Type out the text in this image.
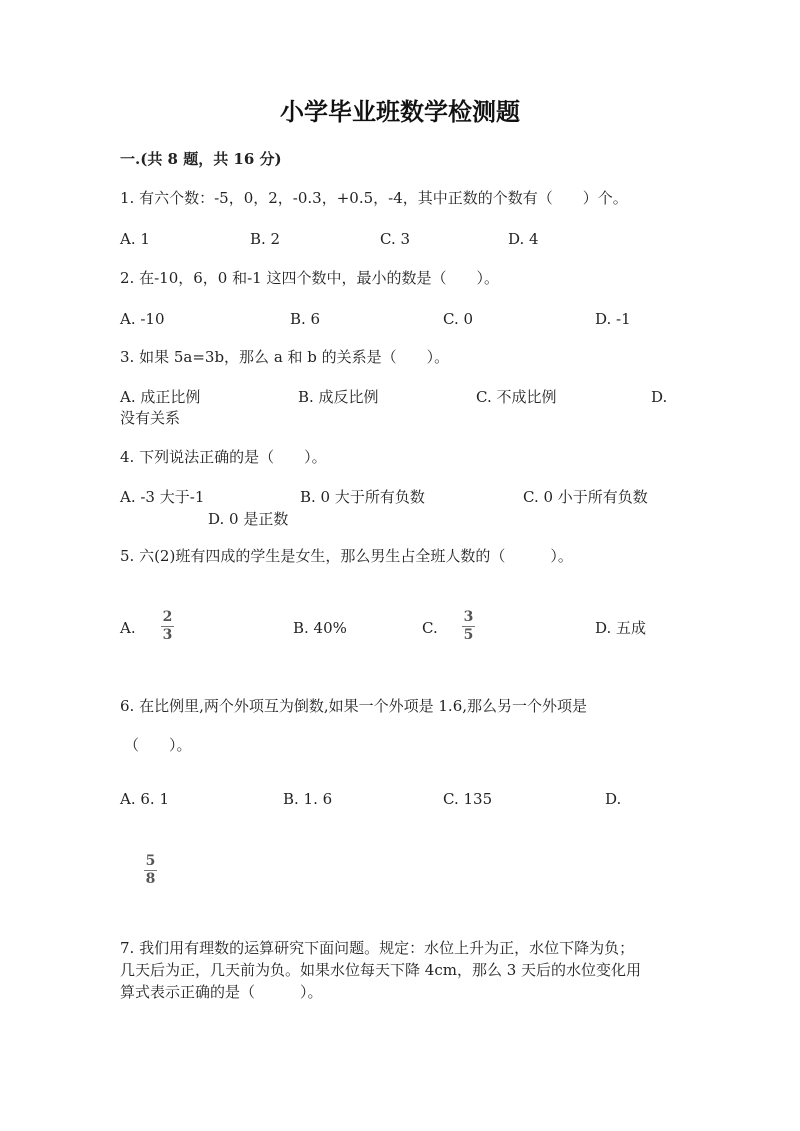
小学毕业班数学检测题
一.(共 8 题，共 16 分)
1. 有六个数：-5，0，2，-0.3，+0.5，-4，其中正数的个数有（　　）个。
A. 1	B. 2	C. 3	D. 4
2. 在-10，6，0 和-1 这四个数中，最小的数是（　　）。
A. -10	B. 6	C. 0	D. -1
3. 如果 5a=3b，那么 a 和 b 的关系是（　　）。
A. 成正比例	B. 成反比例	C. 不成比例	D.
没有关系
4. 下列说法正确的是（　　）。
A. -3 大于-1	B. 0 大于所有负数	C. 0 小于所有负数
D. 0 是正数
5. 六(2)班有四成的学生是女生，那么男生占全班人数的（　　　）。
A.
2
3	B. 40%	C.
3
5	D. 五成
6. 在比例里,两个外项互为倒数,如果一个外项是 1.6,那么另一个外项是
（　　）。
A. 6. 1	B. 1. 6	C. 135	D.
5
8
7. 我们用有理数的运算研究下面问题。规定：水位上升为正，水位下降为负；
几天后为正，几天前为负。如果水位每天下降 4cm，那么 3 天后的水位变化用
算式表示正确的是（　　　）。
